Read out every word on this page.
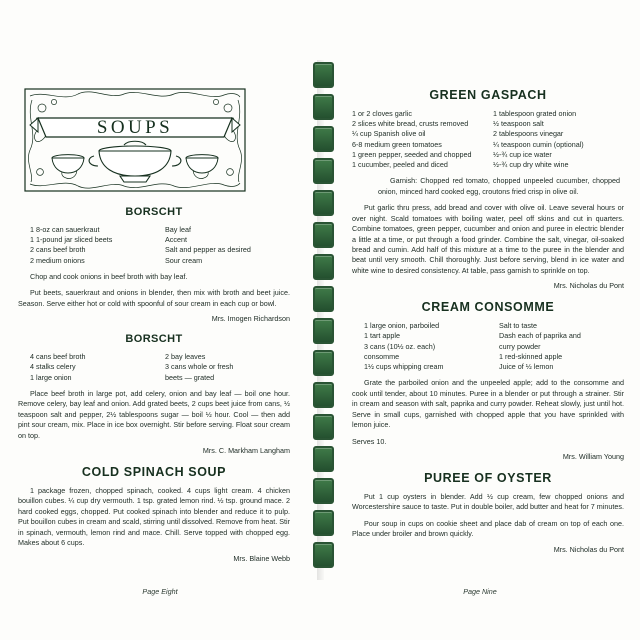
SOUPS
BORSCHT
1 8-oz can sauerkraut
1 1-pound jar sliced beets
2 cans beef broth
2 medium onions
Bay leaf
Accent
Salt and pepper as desired
Sour cream

Chop and cook onions in beef broth with bay leaf.

Put beets, sauerkraut and onions in blender, then mix with broth and beet juice. Season. Serve either hot or cold with spoonful of sour cream in each cup or bowl.

Mrs. Imogen Richardson

BORSCHT
4 cans beef broth
4 stalks celery
1 large onion
2 bay leaves
3 cans whole or fresh
beets — grated

Place beef broth in large pot, add celery, onion and bay leaf — boil one hour. Remove celery, bay leaf and onion. Add grated beets, 2 cups beet juice from cans, ½ teaspoon salt and pepper, 2½ tablespoons sugar — boil ½ hour. Cool — then add pint sour cream, mix. Place in ice box overnight. Stir before serving. Float sour cream on top.

Mrs. C. Markham Langham

COLD SPINACH SOUP

1 package frozen, chopped spinach, cooked. 4 cups light cream. 4 chicken bouillon cubes. ¼ cup dry vermouth. 1 tsp. grated lemon rind. ½ tsp. ground mace. 2 hard cooked eggs, chopped. Put cooked spinach into blender and reduce it to pulp. Put bouillon cubes in cream and scald, stirring until dissolved. Remove from heat. Stir in spinach, vermouth, lemon rind and mace. Chill. Serve topped with chopped egg. Makes about 6 cups.

Mrs. Blaine Webb

Page Eight
GREEN GASPACH
1 or 2 cloves garlic
2 slices white bread, crusts removed
¼ cup Spanish olive oil
6-8 medium green tomatoes
1 green pepper, seeded and chopped
1 cucumber, peeled and diced
1 tablespoon grated onion
½ teaspoon salt
2 tablespoons vinegar
¼ teaspoon cumin (optional)
½-¾ cup ice water
½-¾ cup dry white wine

Garnish: Chopped red tomato, chopped unpeeled cucumber, chopped onion, minced hard cooked egg, croutons fried crisp in olive oil.

Put garlic thru press, add bread and cover with olive oil. Leave several hours or over night. Scald tomatoes with boiling water, peel off skins and cut in quarters. Combine tomatoes, green pepper, cucumber and onion and puree in electric blender a little at a time, or put through a food grinder. Combine the salt, vinegar, oil-soaked bread and cumin. Add half of this mixture at a time to the puree in the blender and beat until very smooth. Chill thoroughly. Just before serving, blend in ice water and white wine to desired consistency. At table, pass garnish to sprinkle on top.

Mrs. Nicholas du Pont

CREAM CONSOMME
1 large onion, parboiled
1 tart apple
3 cans (10½ oz. each)
consomme
1½ cups whipping cream
Salt to taste
Dash each of paprika and
curry powder
1 red-skinned apple
Juice of ½ lemon

Grate the parboiled onion and the unpeeled apple; add to the consomme and cook until tender, about 10 minutes. Puree in a blender or put through a strainer. Stir in cream and season with salt, paprika and curry powder. Reheat slowly, just until hot. Serve in small cups, garnished with chopped apple that you have sprinkled with lemon juice.

Serves 10.

Mrs. William Young

PUREE OF OYSTER

Put 1 cup oysters in blender. Add ½ cup cream, few chopped onions and Worcestershire sauce to taste. Put in double boiler, add butter and heat for 7 minutes.

Pour soup in cups on cookie sheet and place dab of cream on top of each one. Place under broiler and brown quickly.

Mrs. Nicholas du Pont

Page Nine
